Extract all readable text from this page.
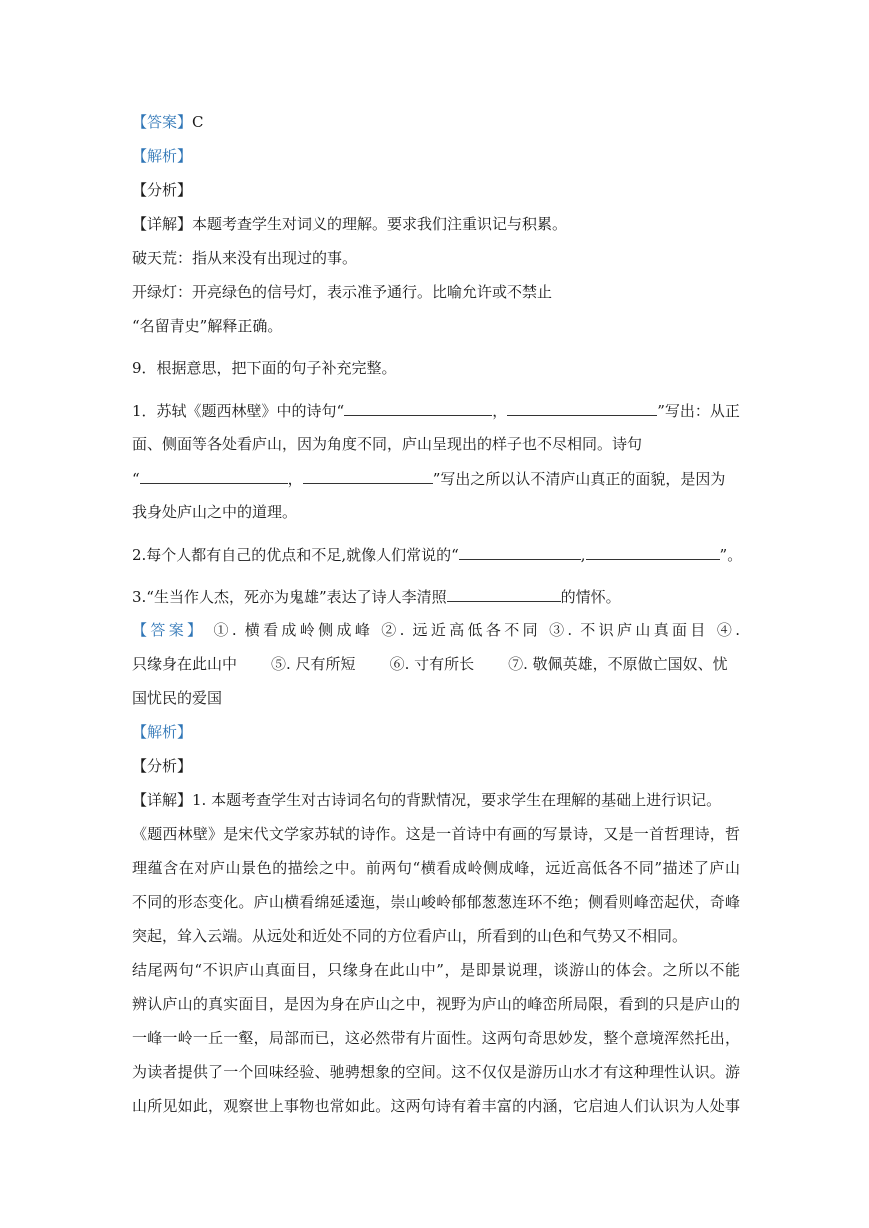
【答案】C
【解析】
【分析】
【详解】本题考查学生对词义的理解。要求我们注重识记与积累。
破天荒：指从来没有出现过的事。
开绿灯：开亮绿色的信号灯，表示准予通行。比喻允许或不禁止
“名留青史”解释正确。
9．根据意思，把下面的句子补充完整。
1．苏轼《题西林壁》中的诗句“	，	”写出：从正
面、侧面等各处看庐山，因为角度不同，庐山呈现出的样子也不尽相同。诗句
“	，	”写出之所以认不清庐山真正的面貌，是因为
我身处庐山之中的道理。
2.每个人都有自己的优点和不足,就像人们常说的“	,	”。
3.“生当作人杰，死亦为鬼雄”表达了诗人李清照	的情怀。
【答案】 ①. 横看成岭侧成峰 ②. 远近高低各不同 ③. 不识庐山真面目 ④.
只缘身在此山中 ⑤. 尺有所短 ⑥. 寸有所长 ⑦. 敬佩英雄，不原做亡国奴、忧
国忧民的爱国
【解析】
【分析】
【详解】1. 本题考查学生对古诗词名句的背默情况，要求学生在理解的基础上进行识记。
《题西林壁》是宋代文学家苏轼的诗作。这是一首诗中有画的写景诗，又是一首哲理诗，哲
理蕴含在对庐山景色的描绘之中。前两句“横看成岭侧成峰，远近高低各不同”描述了庐山
不同的形态变化。庐山横看绵延逶迤，崇山峻岭郁郁葱葱连环不绝；侧看则峰峦起伏，奇峰
突起，耸入云端。从远处和近处不同的方位看庐山，所看到的山色和气势又不相同。
结尾两句“不识庐山真面目，只缘身在此山中”，是即景说理，谈游山的体会。之所以不能
辨认庐山的真实面目，是因为身在庐山之中，视野为庐山的峰峦所局限，看到的只是庐山的
一峰一岭一丘一壑，局部而已，这必然带有片面性。这两句奇思妙发，整个意境浑然托出，
为读者提供了一个回味经验、驰骋想象的空间。这不仅仅是游历山水才有这种理性认识。游
山所见如此，观察世上事物也常如此。这两句诗有着丰富的内涵，它启迪人们认识为人处事
